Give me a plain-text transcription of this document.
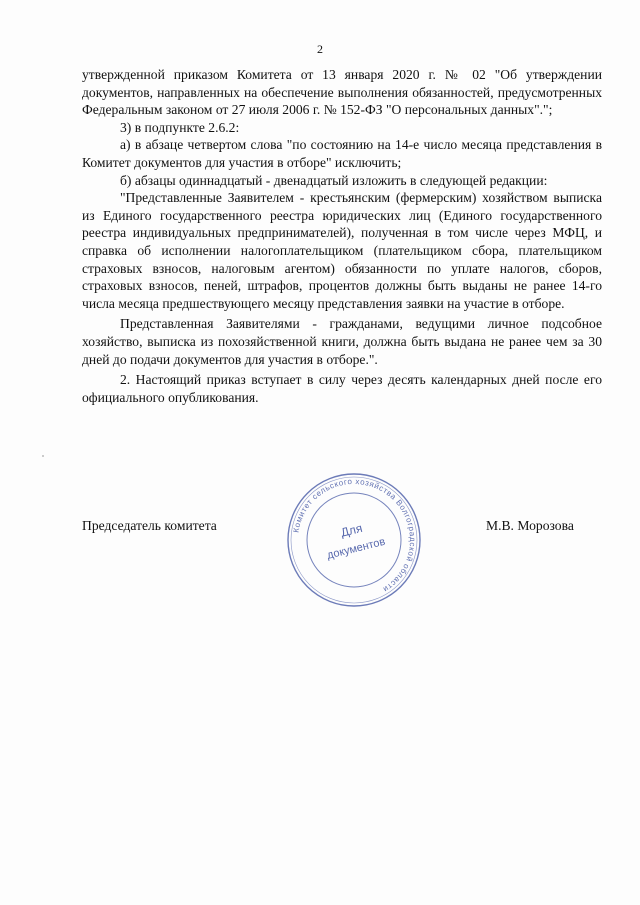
2

утвержденной приказом Комитета от 13 января 2020 г. № 02 "Об утверждении документов, направленных на обеспечение выполнения обязанностей, предусмотренных Федеральным законом от 27 июля 2006 г. № 152-ФЗ "О персональных данных".";

3) в подпункте 2.6.2:

а) в абзаце четвертом слова "по состоянию на 14-е число месяца представления в Комитет документов для участия в отборе" исключить;

б) абзацы одиннадцатый - двенадцатый изложить в следующей редакции:

"Представленные Заявителем - крестьянским (фермерским) хозяйством выписка из Единого государственного реестра юридических лиц (Единого государственного реестра индивидуальных предпринимателей), полученная в том числе через МФЦ, и справка об исполнении налогоплательщиком (плательщиком сбора, плательщиком страховых взносов, налоговым агентом) обязанности по уплате налогов, сборов, страховых взносов, пеней, штрафов, процентов должны быть выданы не ранее 14-го числа месяца предшествующего месяцу представления заявки на участие в отборе.

Представленная Заявителями - гражданами, ведущими личное подсобное хозяйство, выписка из похозяйственной книги, должна быть выдана не ранее чем за 30 дней до подачи документов для участия в отборе.".

2. Настоящий приказ вступает в силу через десять календарных дней после его официального опубликования.

Председатель комитета	Комитет сельского хозяйства Волгоградской области
Для
документов
М.В. Морозова
